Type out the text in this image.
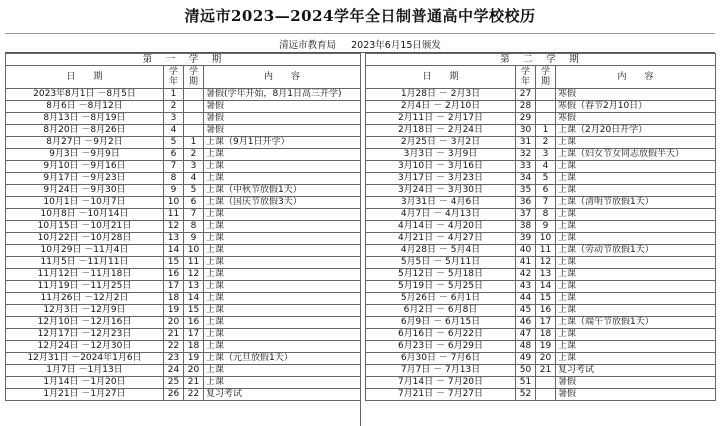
清远市2023—2024学年全日制普通高中学校校历
清远市教育局 2023年6月15日颁发
第　一　学　期			
日　　期	学
年	学
期	内　　容
2023年8月1日 －8月5日	1		暑假(学年开始，8月1日高三开学)
8月6日 －8月12日	2		暑假
8月13日 －8月19日	3		暑假
8月20日 －8月26日	4		暑假
8月27日 －9月2日	5	1	上课（9月1日开学）
9月3日 －9月9日	6	2	上课
9月10日 －9月16日	7	3	上课
9月17日 －9月23日	8	4	上课
9月24日 －9月30日	9	5	上课（中秋节放假1天）
10月1日 －10月7日	10	6	上课（国庆节放假3天）
10月8日 －10月14日	11	7	上课
10月15日 －10月21日	12	8	上课
10月22日 －10月28日	13	9	上课
10月29日 －11月4日	14	10	上课
11月5日 －11月11日	15	11	上课
11月12日 －11月18日	16	12	上课
11月19日 －11月25日	17	13	上课
11月26日 －12月2日	18	14	上课
12月3日 －12月9日	19	15	上课
12月10日 －12月16日	20	16	上课
12月17日 －12月23日	21	17	上课
12月24日 －12月30日	22	18	上课
12月31日 －2024年1月6日	23	19	上课（元旦放假1天）
1月7日 －1月13日	24	20	上课
1月14日 －1月20日	25	21	上课
1月21日 －1月27日	26	22	复习考试
第　二　学　期			
日　　期	学
年	学
期	内　　容
1月28日 － 2月3日	27		寒假
2月4日 － 2月10日	28		寒假（春节2月10日）
2月11日 － 2月17日	29		寒假
2月18日 － 2月24日	30	1	上课（2月20日开学）
2月25日 － 3月2日	31	2	上课
3月3日 － 3月9日	32	3	上课（妇女节女同志放假半天）
3月10日 － 3月16日	33	4	上课
3月17日 － 3月23日	34	5	上课
3月24日 － 3月30日	35	6	上课
3月31日 － 4月6日	36	7	上课（清明节放假1天）
4月7日 － 4月13日	37	8	上课
4月14日 － 4月20日	38	9	上课
4月21日 － 4月27日	39	10	上课
4月28日 － 5月4日	40	11	上课（劳动节放假1天）
5月5日 － 5月11日	41	12	上课
5月12日 － 5月18日	42	13	上课
5月19日 － 5月25日	43	14	上课
5月26日 － 6月1日	44	15	上课
6月2日 － 6月8日	45	16	上课
6月9日 － 6月15日	46	17	上课（端午节放假1天）
6月16日 － 6月22日	47	18	上课
6月23日 － 6月29日	48	19	上课
6月30日 － 7月6日	49	20	上课
7月7日 － 7月13日	50	21	复习考试
7月14日 － 7月20日	51		暑假
7月21日 － 7月27日	52		暑假
